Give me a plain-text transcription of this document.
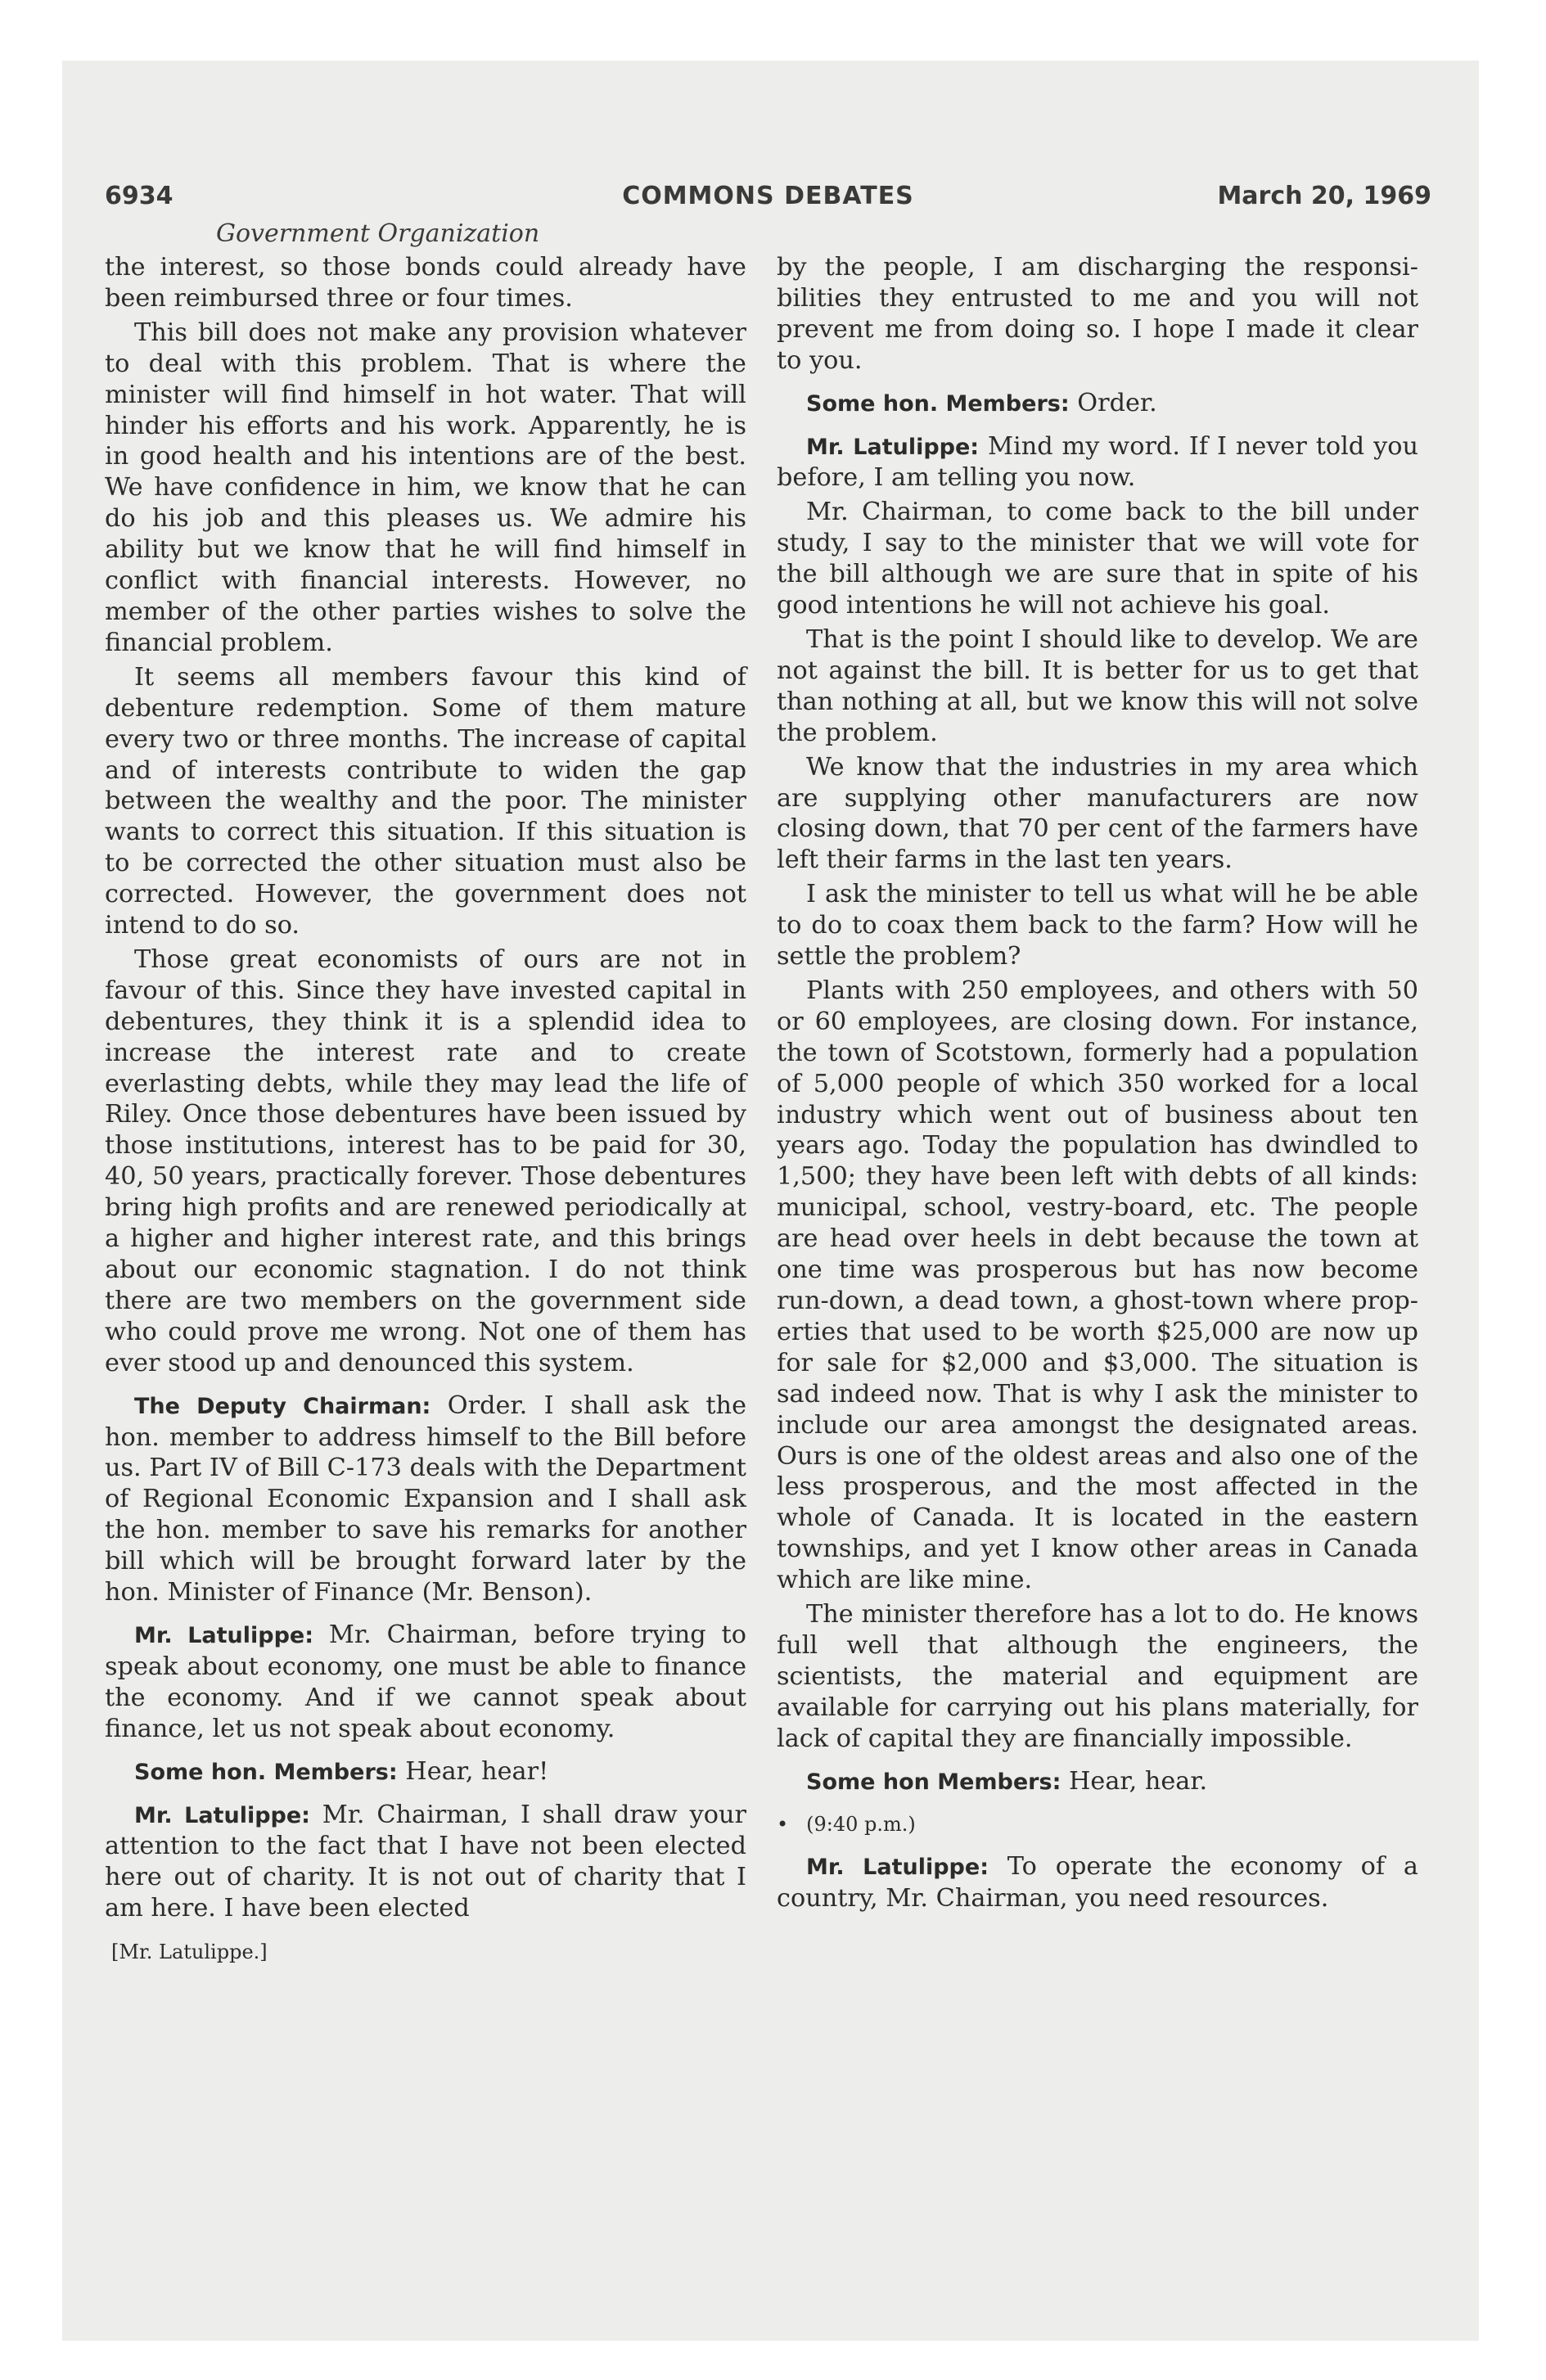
6934	COMMONS DEBATES	March 20, 1969
Government Organization

the interest, so those bonds could already have been reimbursed three or four times.

This bill does not make any provision whatever to deal with this problem. That is where the minister will find himself in hot water. That will hinder his efforts and his work. Apparently, he is in good health and his intentions are of the best. We have confidence in him, we know that he can do his job and this pleases us. We admire his ability but we know that he will find himself in conflict with financial interests. However, no member of the other parties wishes to solve the financial problem.

It seems all members favour this kind of debenture redemption. Some of them mature every two or three months. The increase of capital and of interests contribute to widen the gap between the wealthy and the poor. The minister wants to correct this situation. If this situation is to be corrected the other situation must also be corrected. However, the government does not intend to do so.

Those great economists of ours are not in favour of this. Since they have invested capital in debentures, they think it is a splendid idea to increase the interest rate and to create everlasting debts, while they may lead the life of Riley. Once those debentures have been issued by those institutions, interest has to be paid for 30, 40, 50 years, practically forever. Those debentures bring high profits and are renewed periodically at a higher and higher interest rate, and this brings about our economic stagnation. I do not think there are two members on the government side who could prove me wrong. Not one of them has ever stood up and denounced this system.

The Deputy Chairman: Order. I shall ask the hon. member to address himself to the Bill before us. Part IV of Bill C-173 deals with the Department of Regional Economic Expansion and I shall ask the hon. member to save his remarks for another bill which will be brought forward later by the hon. Minister of Finance (Mr. Benson).

Mr. Latulippe: Mr. Chairman, before trying to speak about economy, one must be able to finance the economy. And if we cannot speak about finance, let us not speak about economy.

Some hon. Members: Hear, hear!

Mr. Latulippe: Mr. Chairman, I shall draw your attention to the fact that I have not been elected here out of charity. It is not out of charity that I am here. I have been elected

[Mr. Latulippe.]

by the people, I am discharging the responsibilities they entrusted to me and you will not prevent me from doing so. I hope I made it clear to you.

Some hon. Members: Order.

Mr. Latulippe: Mind my word. If I never told you before, I am telling you now.

Mr. Chairman, to come back to the bill under study, I say to the minister that we will vote for the bill although we are sure that in spite of his good intentions he will not achieve his goal.

That is the point I should like to develop. We are not against the bill. It is better for us to get that than nothing at all, but we know this will not solve the problem.

We know that the industries in my area which are supplying other manufacturers are now closing down, that 70 per cent of the farmers have left their farms in the last ten years.

I ask the minister to tell us what will he be able to do to coax them back to the farm? How will he settle the problem?

Plants with 250 employees, and others with 50 or 60 employees, are closing down. For instance, the town of Scotstown, formerly had a population of 5,000 people of which 350 worked for a local industry which went out of business about ten years ago. Today the population has dwindled to 1,500; they have been left with debts of all kinds: municipal, school, vestry-board, etc. The people are head over heels in debt because the town at one time was prosperous but has now become run-down, a dead town, a ghost-town where properties that used to be worth $25,000 are now up for sale for $2,000 and $3,000. The situation is sad indeed now. That is why I ask the minister to include our area amongst the designated areas. Ours is one of the oldest areas and also one of the less prosperous, and the most affected in the whole of Canada. It is located in the eastern townships, and yet I know other areas in Canada which are like mine.

The minister therefore has a lot to do. He knows full well that although the engineers, the scientists, the material and equipment are available for carrying out his plans materially, for lack of capital they are financially impossible.

Some hon Members: Hear, hear.

• (9:40 p.m.)

Mr. Latulippe: To operate the economy of a country, Mr. Chairman, you need resources.
